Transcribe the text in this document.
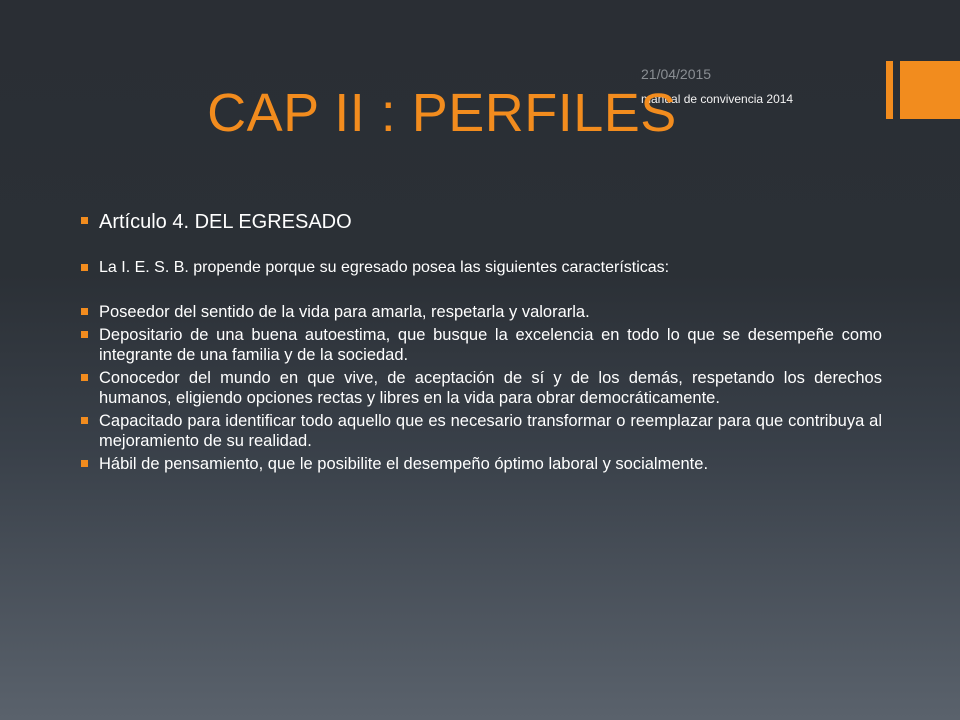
21/04/2015
manual de convivencia 2014
CAP II : PERFILES
Artículo 4. DEL EGRESADO
La I. E. S. B. propende porque su egresado posea las siguientes características:
Poseedor del sentido de la vida para amarla, respetarla y valorarla.
Depositario de una buena autoestima, que busque la excelencia en todo lo que se desempeñe como integrante de una familia y de la sociedad.
Conocedor del mundo en que vive, de aceptación de sí y de los demás, respetando los derechos humanos, eligiendo opciones rectas y libres en la vida para obrar democráticamente.
Capacitado para identificar todo aquello que es necesario transformar o reemplazar para que contribuya al mejoramiento de su realidad.
Hábil de pensamiento, que le posibilite el desempeño óptimo laboral y socialmente.
